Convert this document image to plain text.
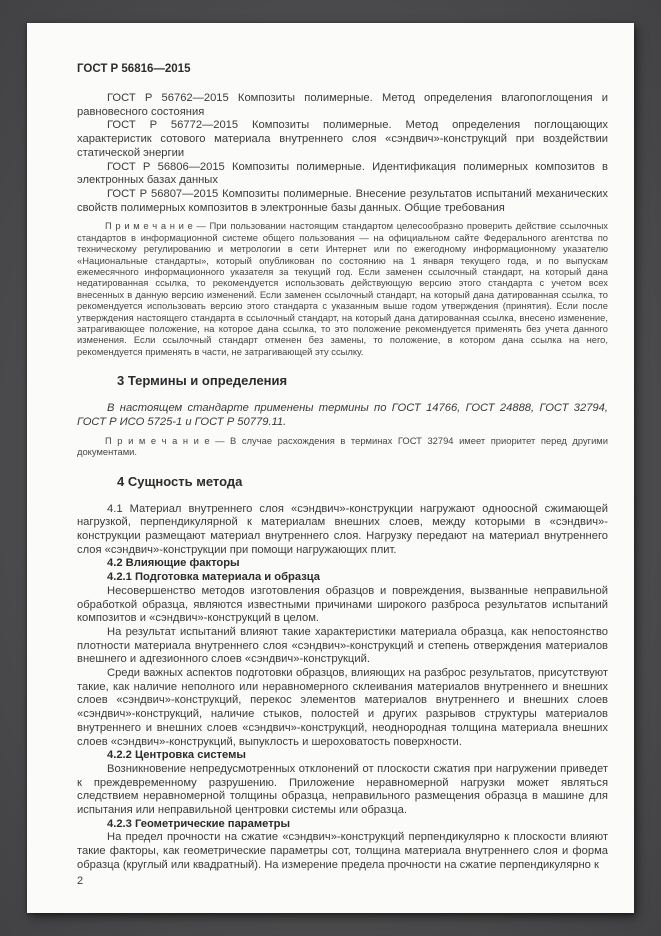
ГОСТ Р 56816—2015

ГОСТ Р 56762—2015 Композиты полимерные. Метод определения влагопоглощения и равновесного состояния

ГОСТ Р 56772—2015 Композиты полимерные. Метод определения поглощающих характеристик сотового материала внутреннего слоя «сэндвич»-конструкций при воздействии статической энергии

ГОСТ Р 56806—2015 Композиты полимерные. Идентификация полимерных композитов в электронных базах данных

ГОСТ Р 56807—2015 Композиты полимерные. Внесение результатов испытаний механических свойств полимерных композитов в электронные базы данных. Общие требования

П р и м е ч а н и е — При пользовании настоящим стандартом целесообразно проверить действие ссылочных стандартов в информационной системе общего пользования — на официальном сайте Федерального агентства по техническому регулированию и метрологии в сети Интернет или по ежегодному информационному указателю «Национальные стандарты», который опубликован по состоянию на 1 января текущего года, и по выпускам ежемесячного информационного указателя за текущий год. Если заменен ссылочный стандарт, на который дана недатированная ссылка, то рекомендуется использовать действующую версию этого стандарта с учетом всех внесенных в данную версию изменений. Если заменен ссылочный стандарт, на который дана датированная ссылка, то рекомендуется использовать версию этого стандарта с указанным выше годом утверждения (принятия). Если после утверждения настоящего стандарта в ссылочный стандарт, на который дана датированная ссылка, внесено изменение, затрагивающее положение, на которое дана ссылка, то это положение рекомендуется применять без учета данного изменения. Если ссылочный стандарт отменен без замены, то положение, в котором дана ссылка на него, рекомендуется применять в части, не затрагивающей эту ссылку.

3 Термины и определения

В настоящем стандарте применены термины по ГОСТ 14766, ГОСТ 24888, ГОСТ 32794, ГОСТ Р ИСО 5725-1 и ГОСТ Р 50779.11.

П р и м е ч а н и е — В случае расхождения в терминах ГОСТ 32794 имеет приоритет перед другими документами.

4 Сущность метода

4.1 Материал внутреннего слоя «сэндвич»-конструкции нагружают одноосной сжимающей нагрузкой, перпендикулярной к материалам внешних слоев, между которыми в «сэндвич»-конструкции размещают материал внутреннего слоя. Нагрузку передают на материал внутреннего слоя «сэндвич»-конструкции при помощи нагружающих плит.

4.2 Влияющие факторы

4.2.1 Подготовка материала и образца

Несовершенство методов изготовления образцов и повреждения, вызванные неправильной обработкой образца, являются известными причинами широкого разброса результатов испытаний композитов и «сэндвич»-конструкций в целом.

На результат испытаний влияют такие характеристики материала образца, как непостоянство плотности материала внутреннего слоя «сэндвич»-конструкций и степень отверждения материалов внешнего и адгезионного слоев «сэндвич»-конструкций.

Среди важных аспектов подготовки образцов, влияющих на разброс результатов, присутствуют такие, как наличие неполного или неравномерного склеивания материалов внутреннего и внешних слоев «сэндвич»-конструкций, перекос элементов материалов внутреннего и внешних слоев «сэндвич»-конструкций, наличие стыков, полостей и других разрывов структуры материалов внутреннего и внешних слоев «сэндвич»-конструкций, неоднородная толщина материала внешних слоев «сэндвич»-конструкций, выпуклость и шероховатость поверхности.

4.2.2 Центровка системы

Возникновение непредусмотренных отклонений от плоскости сжатия при нагружении приведет к преждевременному разрушению. Приложение неравномерной нагрузки может являться следствием неравномерной толщины образца, неправильного размещения образца в машине для испытания или неправильной центровки системы или образца.

4.2.3 Геометрические параметры

На предел прочности на сжатие «сэндвич»-конструкций перпендикулярно к плоскости влияют такие факторы, как геометрические параметры сот, толщина материала внутреннего слоя и форма образца (круглый или квадратный). На измерение предела прочности на сжатие перпендикулярно к

2
